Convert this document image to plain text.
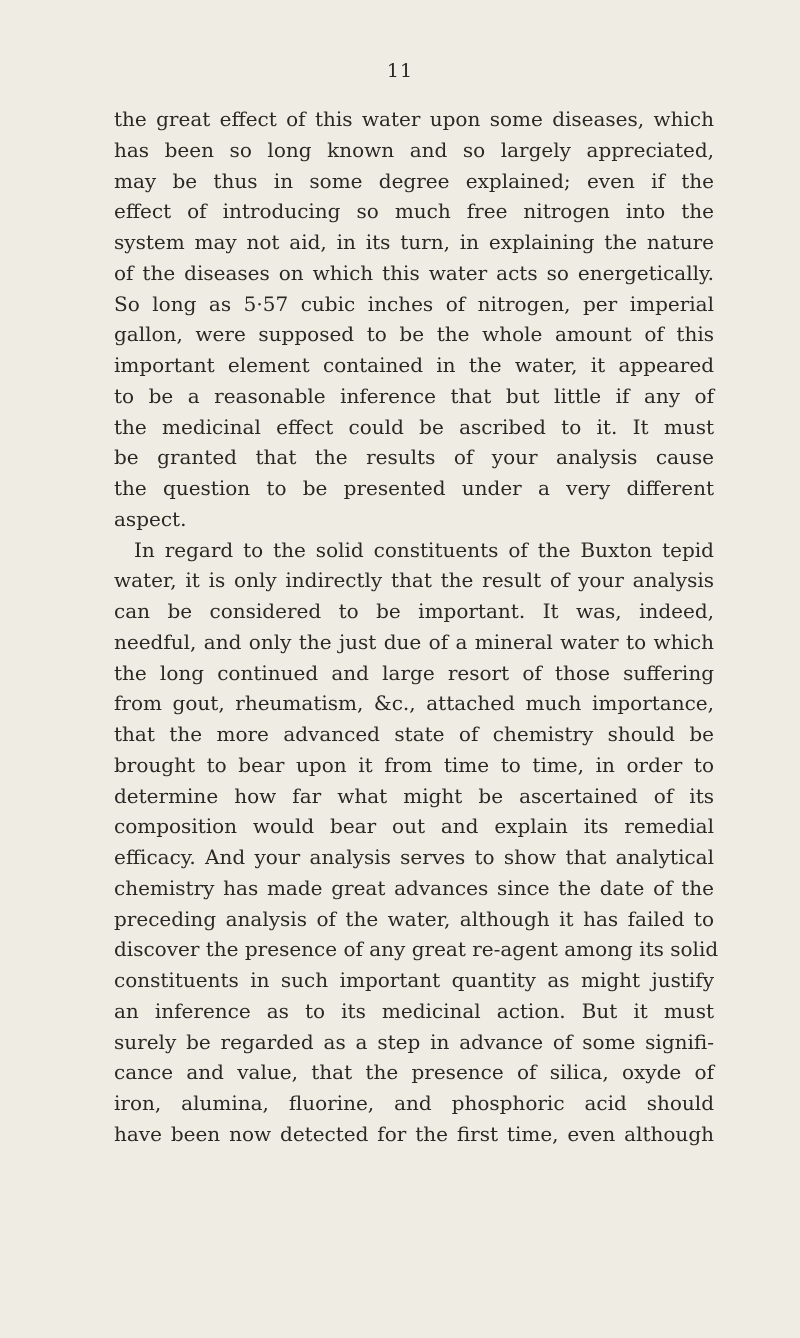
11
the great effect of this water upon some diseases, which
has been so long known and so largely appreciated,
may be thus in some degree explained; even if the
effect of introducing so much free nitrogen into the
system may not aid, in its turn, in explaining the nature
of the diseases on which this water acts so energetically.
So long as 5·57 cubic inches of nitrogen, per imperial
gallon, were supposed to be the whole amount of this
important element contained in the water, it appeared
to be a reasonable inference that but little if any of
the medicinal effect could be ascribed to it. It must
be granted that the results of your analysis cause
the question to be presented under a very different
aspect.
In regard to the solid constituents of the Buxton tepid
water, it is only indirectly that the result of your analysis
can be considered to be important. It was, indeed,
needful, and only the just due of a mineral water to which
the long continued and large resort of those suffering
from gout, rheumatism, &c., attached much importance,
that the more advanced state of chemistry should be
brought to bear upon it from time to time, in order to
determine how far what might be ascertained of its
composition would bear out and explain its remedial
efficacy. And your analysis serves to show that analytical
chemistry has made great advances since the date of the
preceding analysis of the water, although it has failed to
discover the presence of any great re-agent among its solid
constituents in such important quantity as might justify
an inference as to its medicinal action. But it must
surely be regarded as a step in advance of some signifi-
cance and value, that the presence of silica, oxyde of
iron, alumina, fluorine, and phosphoric acid should
have been now detected for the first time, even although
